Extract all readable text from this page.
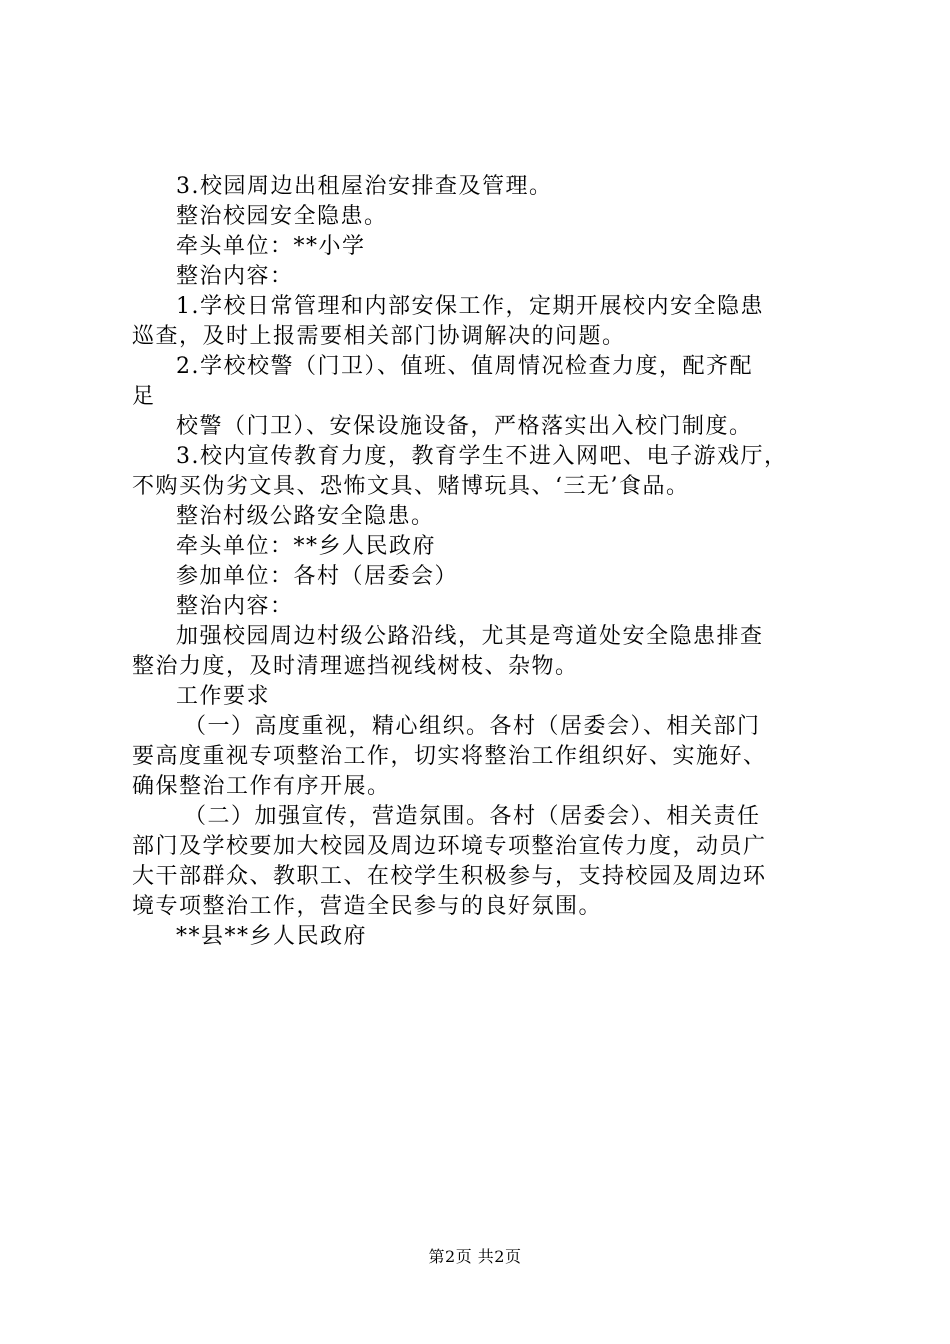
3.校园周边出租屋治安排查及管理。
整治校园安全隐患。
牵头单位：**小学
整治内容：
1.学校日常管理和内部安保工作，定期开展校内安全隐患
巡查，及时上报需要相关部门协调解决的问题。
2.学校校警（门卫）、值班、值周情况检查力度，配齐配
足
校警（门卫）、安保设施设备，严格落实出入校门制度。
3.校内宣传教育力度，教育学生不进入网吧、电子游戏厅，
不购买伪劣文具、恐怖文具、赌博玩具、‘三无’食品。
整治村级公路安全隐患。
牵头单位：**乡人民政府
参加单位：各村（居委会）
整治内容：
加强校园周边村级公路沿线，尤其是弯道处安全隐患排查
整治力度，及时清理遮挡视线树枝、杂物。
工作要求
（一）高度重视，精心组织。各村（居委会）、相关部门
要高度重视专项整治工作，切实将整治工作组织好、实施好、
确保整治工作有序开展。
（二）加强宣传，营造氛围。各村（居委会）、相关责任
部门及学校要加大校园及周边环境专项整治宣传力度，动员广
大干部群众、教职工、在校学生积极参与，支持校园及周边环
境专项整治工作，营造全民参与的良好氛围。
**县**乡人民政府
第2页 共2页
